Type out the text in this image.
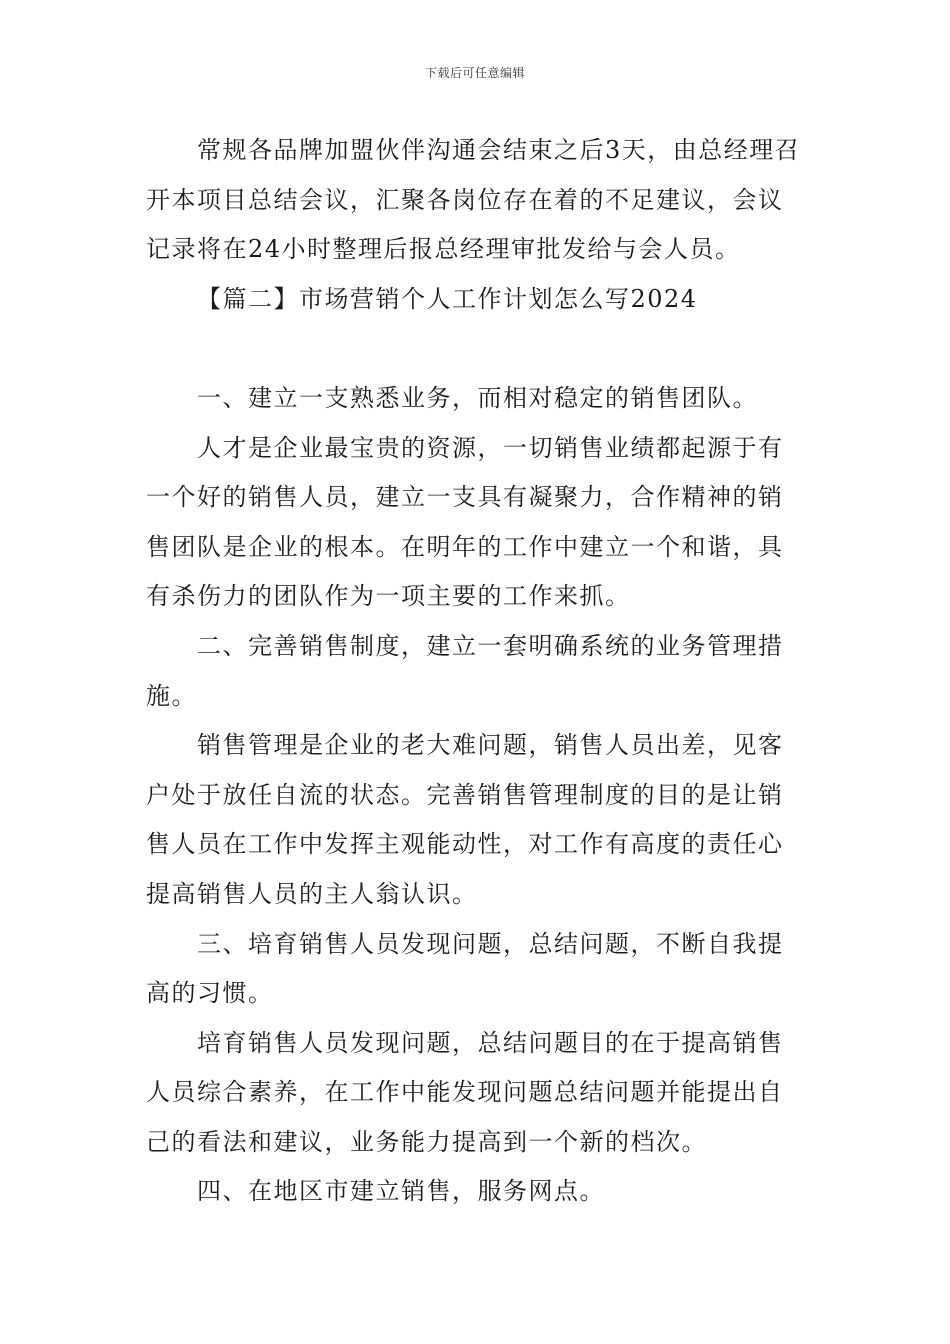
下载后可任意编辑
常规各品牌加盟伙伴沟通会结束之后3天，由总经理召
开本项目总结会议，汇聚各岗位存在着的不足建议，会议
记录将在24小时整理后报总经理审批发给与会人员。
【篇二】市场营销个人工作计划怎么写2024
一、建立一支熟悉业务，而相对稳定的销售团队。
人才是企业最宝贵的资源，一切销售业绩都起源于有
一个好的销售人员，建立一支具有凝聚力，合作精神的销
售团队是企业的根本。在明年的工作中建立一个和谐，具
有杀伤力的团队作为一项主要的工作来抓。
二、完善销售制度，建立一套明确系统的业务管理措
施。
销售管理是企业的老大难问题，销售人员出差，见客
户处于放任自流的状态。完善销售管理制度的目的是让销
售人员在工作中发挥主观能动性，对工作有高度的责任心
提高销售人员的主人翁认识。
三、培育销售人员发现问题，总结问题，不断自我提
高的习惯。
培育销售人员发现问题，总结问题目的在于提高销售
人员综合素养，在工作中能发现问题总结问题并能提出自
己的看法和建议，业务能力提高到一个新的档次。
四、在地区市建立销售，服务网点。
